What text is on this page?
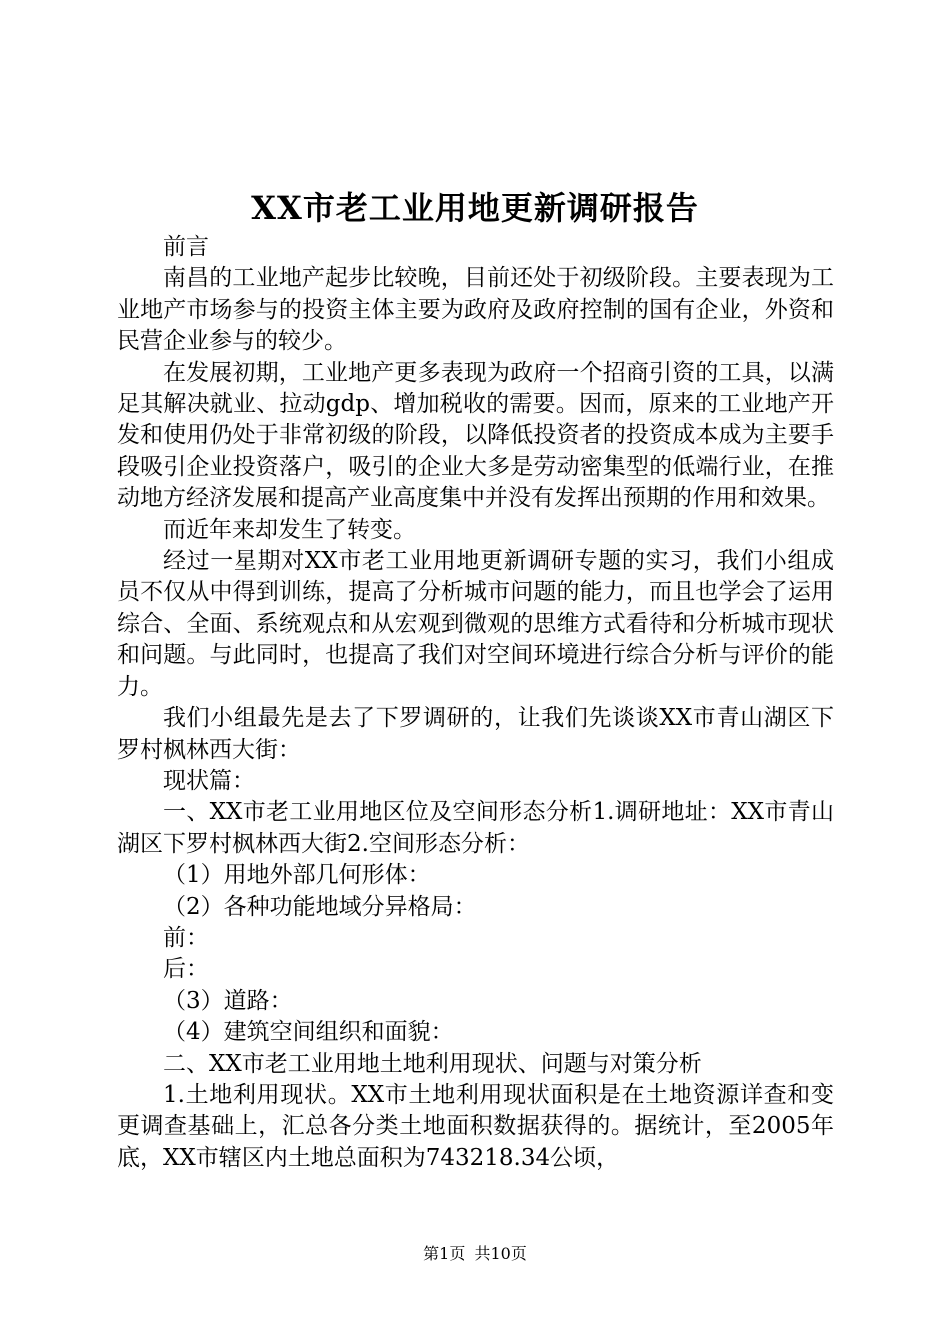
XX市老工业用地更新调研报告

前言

南昌的工业地产起步比较晚，目前还处于初级阶段。主要表现为工业地产市场参与的投资主体主要为政府及政府控制的国有企业，外资和民营企业参与的较少。

在发展初期，工业地产更多表现为政府一个招商引资的工具，以满足其解决就业、拉动gdp、增加税收的需要。因而，原来的工业地产开发和使用仍处于非常初级的阶段，以降低投资者的投资成本成为主要手段吸引企业投资落户，吸引的企业大多是劳动密集型的低端行业，在推动地方经济发展和提高产业高度集中并没有发挥出预期的作用和效果。

而近年来却发生了转变。

经过一星期对XX市老工业用地更新调研专题的实习，我们小组成员不仅从中得到训练，提高了分析城市问题的能力，而且也学会了运用综合、全面、系统观点和从宏观到微观的思维方式看待和分析城市现状和问题。与此同时，也提高了我们对空间环境进行综合分析与评价的能力。

我们小组最先是去了下罗调研的，让我们先谈谈XX市青山湖区下罗村枫林西大街：

现状篇：

一、XX市老工业用地区位及空间形态分析1.调研地址：XX市青山湖区下罗村枫林西大街2.空间形态分析：

（1）用地外部几何形体：

（2）各种功能地域分异格局：

前：

后：

（3）道路：

（4）建筑空间组织和面貌：

二、XX市老工业用地土地利用现状、问题与对策分析

1.土地利用现状。XX市土地利用现状面积是在土地资源详查和变更调查基础上，汇总各分类土地面积数据获得的。据统计，至2005年底，XX市辖区内土地总面积为743218.34公顷，

第1页 共10页
